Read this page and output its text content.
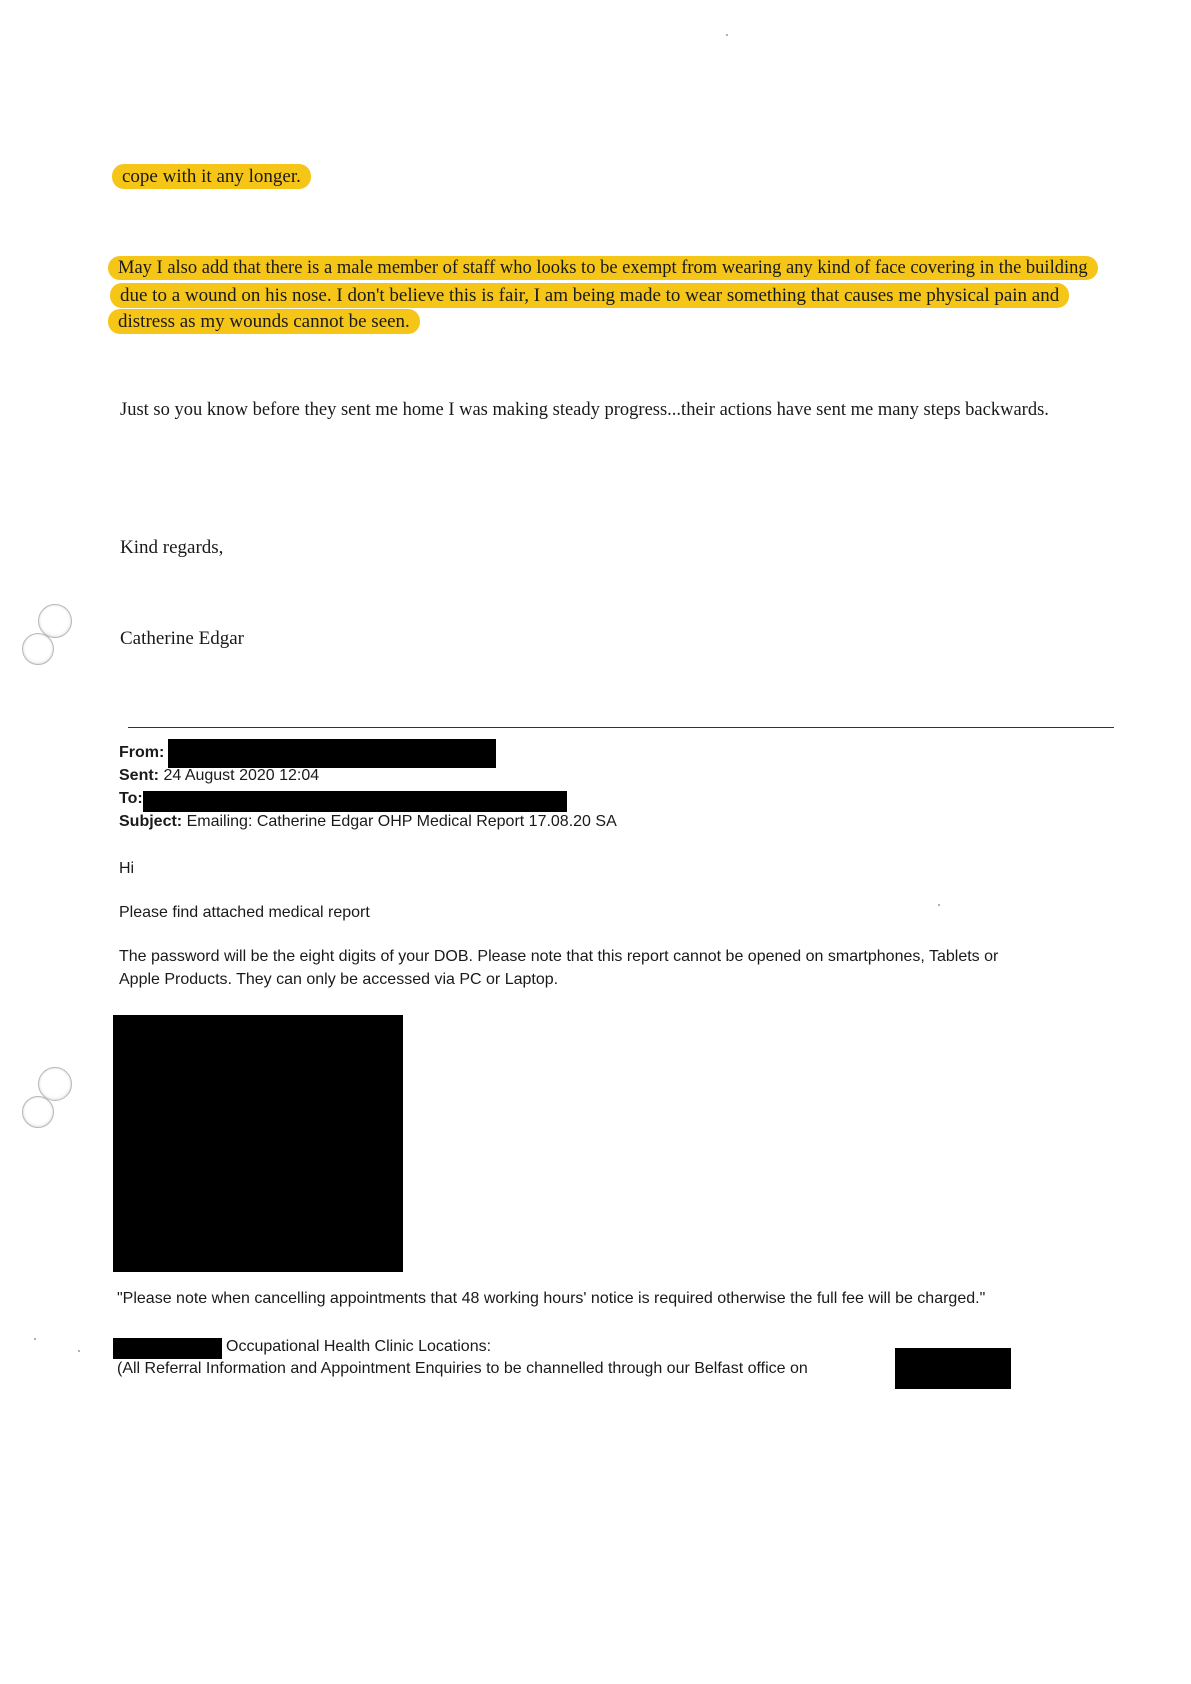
cope with it any longer.
May I also add that there is a male member of staff who looks to be exempt from wearing any kind of face covering in the building
due to a wound on his nose. I don't believe this is fair, I am being made to wear something that causes me physical pain and
distress as my wounds cannot be seen.
Just so you know before they sent me home I was making steady progress...their actions have sent me many steps backwards.
Kind regards,
Catherine Edgar
From:
Sent: 24 August 2020 12:04
To:
Subject: Emailing: Catherine Edgar OHP Medical Report 17.08.20 SA
Hi
Please find attached medical report
The password will be the eight digits of your DOB. Please note that this report cannot be opened on smartphones, Tablets or
Apple Products. They can only be accessed via PC or Laptop.
"Please note when cancelling appointments that 48 working hours' notice is required otherwise the full fee will be charged."
Occupational Health Clinic Locations:
(All Referral Information and Appointment Enquiries to be channelled through our Belfast office on
